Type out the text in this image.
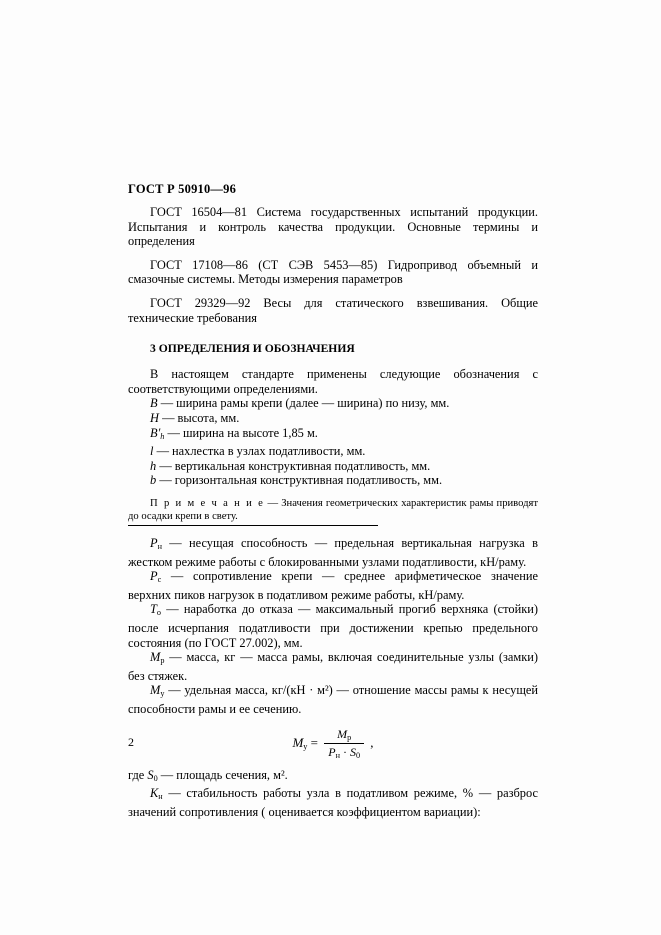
ГОСТ Р 50910—96

ГОСТ 16504—81 Система государственных испытаний продукции. Испытания и контроль качества продукции. Основные термины и определения

ГОСТ 17108—86 (СТ СЭВ 5453—85) Гидропривод объемный и смазочные системы. Методы измерения параметров

ГОСТ 29329—92 Весы для статического взвешивания. Общие технические требования

3 ОПРЕДЕЛЕНИЯ И ОБОЗНАЧЕНИЯ

В настоящем стандарте применены следующие обозначения с соответствующими определениями.

В — ширина рамы крепи (далее — ширина) по низу, мм.

Н — высота, мм.

$В'_h$ — ширина на высоте 1,85 м.

l — нахлестка в узлах податливости, мм.

h — вертикальная конструктивная податливость, мм.

b — горизонтальная конструктивная податливость, мм.

П р и м е ч а н и е — Значения геометрических характеристик рамы приводят до осадки крепи в свету.

$Р_н$ — несущая способность — предельная вертикальная нагрузка в жестком режиме работы с блокированными узлами податливости, кН/раму.

$Р_с$ — сопротивление крепи — среднее арифметическое значение верхних пиков нагрузок в податливом режиме работы, кН/раму.

$Т_о$ — наработка до отказа — максимальный прогиб верхняка (стойки) после исчерпания податливости при достижении крепью предельного состояния (по ГОСТ 27.002), мм.

$М_р$ — масса, кг — масса рамы, включая соединительные узлы (замки) без стяжек.

$М_у$ — удельная масса, кг/(кН · м²) — отношение массы рамы к несущей способности рамы и ее сечению.

$М_у = \frac{М_р}{Р_н \cdot S_0}$ ,

где $S_0$ — площадь сечения, м².

$К_н$ — стабильность работы узла в податливом режиме, % — разброс значений сопротивления ( оценивается коэффициентом вариации):

2
